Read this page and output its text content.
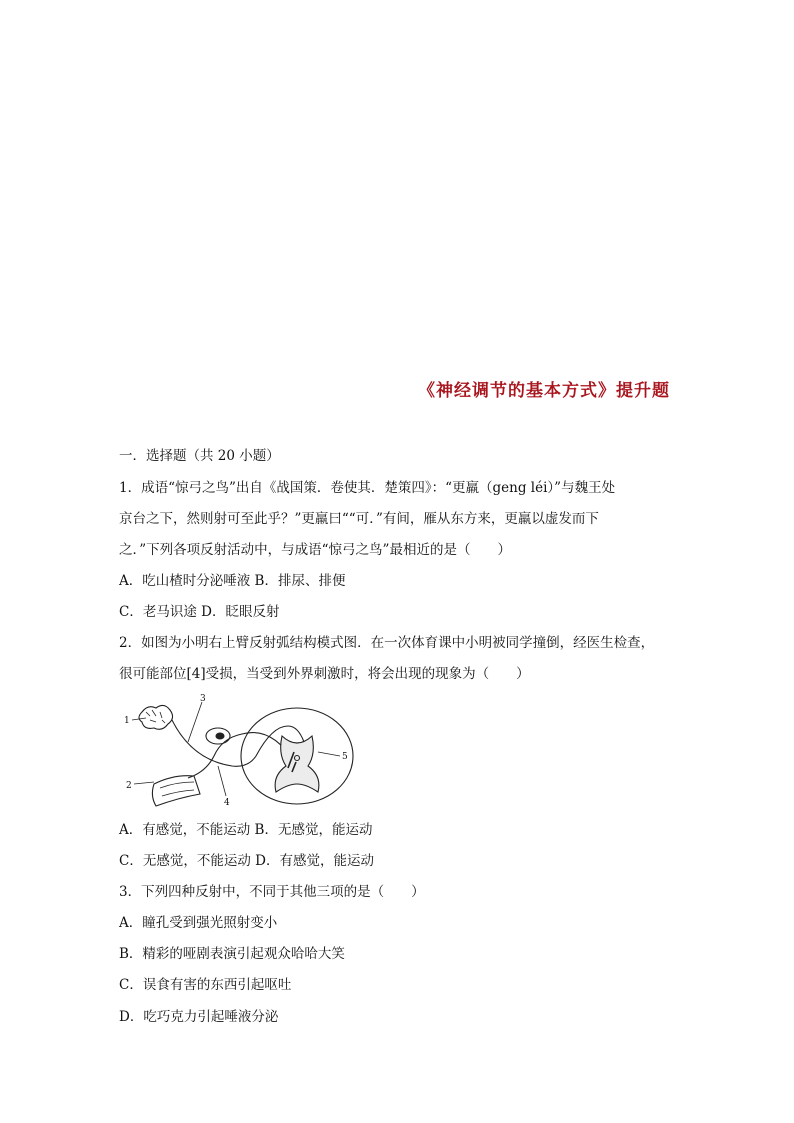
《神经调节的基本方式》提升题
一．选择题（共 20 小题）
1．成语“惊弓之鸟”出自《战国策．卷使其．楚策四》：“更羸（geng léi）”与魏王处
京台之下，然则射可至此乎？”更羸曰““可．”有间，雁从东方来，更羸以虚发而下
之．”下列各项反射活动中，与成语“惊弓之鸟”最相近的是（　　）
A．吃山楂时分泌唾液 B．排尿、排便
C．老马识途 D．眨眼反射
2．如图为小明右上臂反射弧结构模式图．在一次体育课中小明被同学撞倒，经医生检查，
很可能部位[4]受损，当受到外界刺激时，将会出现的现象为（　　）
1
2
3
4
5
A．有感觉，不能运动 B．无感觉，能运动
C．无感觉，不能运动 D．有感觉，能运动
3．下列四种反射中，不同于其他三项的是（　　）
A．瞳孔受到强光照射变小
B．精彩的哑剧表演引起观众哈哈大笑
C．误食有害的东西引起呕吐
D．吃巧克力引起唾液分泌
